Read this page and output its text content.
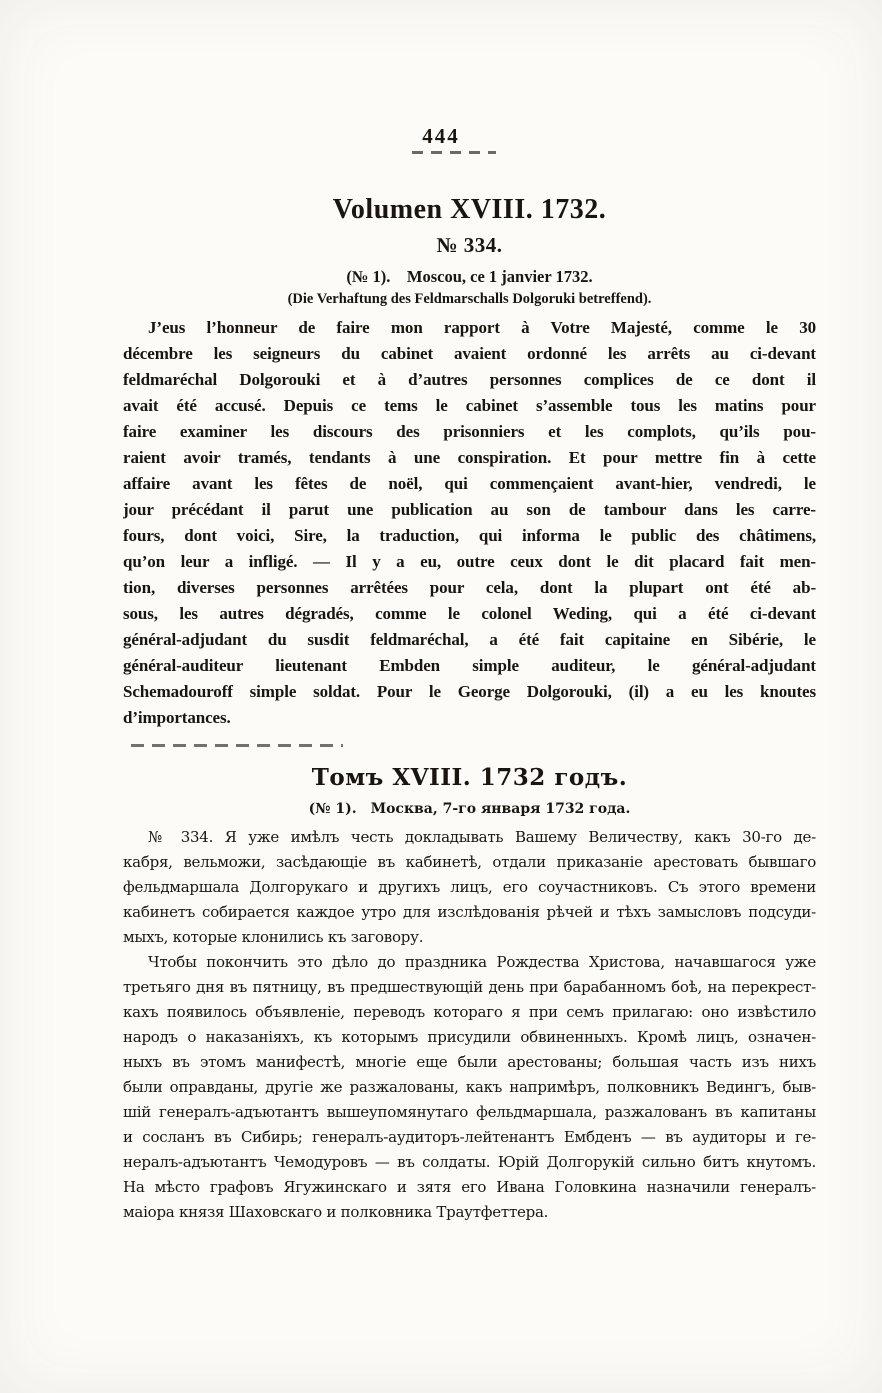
444
Volumen XVIII. 1732.
№ 334.
(№ 1). Moscou, ce 1 janvier 1732.
(Die Verhaftung des Feldmarschalls Dolgoruki betreffend).
J’eus l’honneur de faire mon rapport à Votre Majesté, comme le 30
décembre les seigneurs du cabinet avaient ordonné les arrêts au ci-devant
feldmaréchal Dolgorouki et à d’autres personnes complices de ce dont il
avait été accusé. Depuis ce tems le cabinet s’assemble tous les matins pour
faire examiner les discours des prisonniers et les complots, qu’ils pou-
raient avoir tramés, tendants à une conspiration. Et pour mettre fin à cette
affaire avant les fêtes de noël, qui commençaient avant-hier, vendredi, le
jour précédant il parut une publication au son de tambour dans les carre-
fours, dont voici, Sire, la traduction, qui informa le public des châtimens,
qu’on leur a infligé. — Il y a eu, outre ceux dont le dit placard fait men-
tion, diverses personnes arrêtées pour cela, dont la plupart ont été ab-
sous, les autres dégradés, comme le colonel Weding, qui a été ci-devant
général-adjudant du susdit feldmaréchal, a été fait capitaine en Sibérie, le
général-auditeur lieutenant Embden simple auditeur, le général-adjudant
Schemadouroff simple soldat. Pour le George Dolgorouki, (il) a eu les knoutes
d’importances.
Томъ XVIII. 1732 годъ.
(№ 1). Москва, 7-го января 1732 года.
№ 334. Я уже имѣлъ честь докладывать Вашему Величеству, какъ 30-го де-
кабря, вельможи, засѣдающіе въ кабинетѣ, отдали приказаніе арестовать бывшаго
фельдмаршала Долгорукаго и другихъ лицъ, его соучастниковъ. Съ этого времени
кабинетъ собирается каждое утро для изслѣдованія рѣчей и тѣхъ замысловъ подсуди-
мыхъ, которые клонились къ заговору.
Чтобы покончить это дѣло до праздника Рождества Христова, начавшагося уже
третьяго дня въ пятницу, въ предшествующій день при барабанномъ боѣ, на перекрест-
кахъ появилось объявленіе, переводъ котораго я при семъ прилагаю: оно извѣстило
народъ о наказаніяхъ, къ которымъ присудили обвиненныхъ. Кромѣ лицъ, означен-
ныхъ въ этомъ манифестѣ, многіе еще были арестованы; большая часть изъ нихъ
были оправданы, другіе же разжалованы, какъ напримѣръ, полковникъ Ведингъ, быв-
шій генералъ-адъютантъ вышеупомянутаго фельдмаршала, разжалованъ въ капитаны
и сосланъ въ Сибирь; генералъ-аудиторъ-лейтенантъ Ембденъ — въ аудиторы и ге-
нералъ-адъютантъ Чемодуровъ — въ солдаты. Юрій Долгорукій сильно битъ кнутомъ.
На мѣсто графовъ Ягужинскаго и зятя его Ивана Головкина назначили генералъ-
маіора князя Шаховскаго и полковника Траутфеттера.
